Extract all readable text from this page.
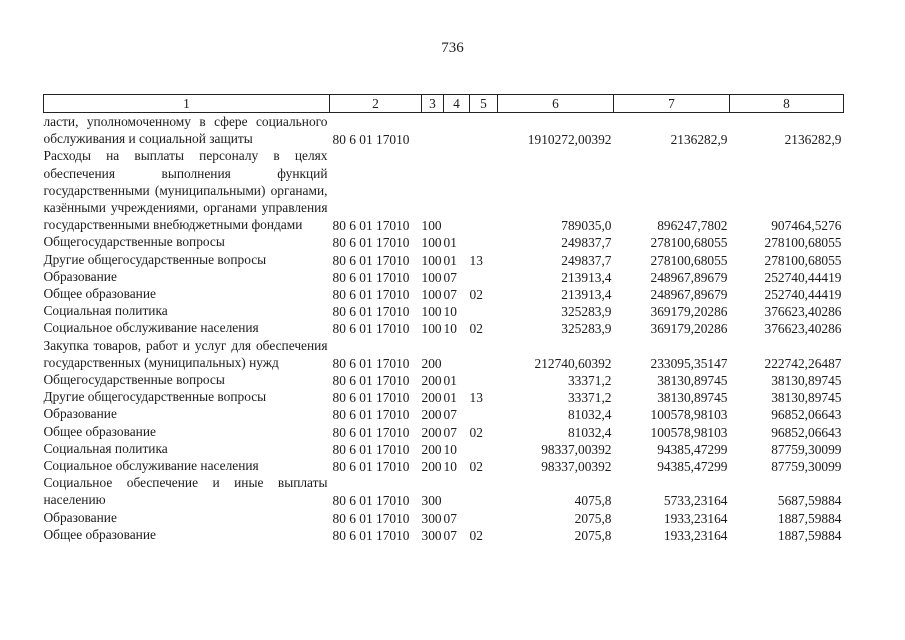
736
1	2	3	4	5	6	7	8
ласти, уполномоченному в сфере социального обслуживания и социальной защиты	80 6 01 17010				1910272,00392	2136282,9	2136282,9
Расходы на выплаты персоналу в целях обеспечения выполнения функций государственными (муниципальными) органами, казёнными учреждениями, органами управления государственными внебюджетными фондами	80 6 01 17010	100			789035,0	896247,7802	907464,5276
Общегосударственные вопросы	80 6 01 17010	100	01		249837,7	278100,68055	278100,68055
Другие общегосударственные вопросы	80 6 01 17010	100	01	13	249837,7	278100,68055	278100,68055
Образование	80 6 01 17010	100	07		213913,4	248967,89679	252740,44419
Общее образование	80 6 01 17010	100	07	02	213913,4	248967,89679	252740,44419
Социальная политика	80 6 01 17010	100	10		325283,9	369179,20286	376623,40286
Социальное обслуживание населения	80 6 01 17010	100	10	02	325283,9	369179,20286	376623,40286
Закупка товаров, работ и услуг для обеспечения государственных (муниципальных) нужд	80 6 01 17010	200			212740,60392	233095,35147	222742,26487
Общегосударственные вопросы	80 6 01 17010	200	01		33371,2	38130,89745	38130,89745
Другие общегосударственные вопросы	80 6 01 17010	200	01	13	33371,2	38130,89745	38130,89745
Образование	80 6 01 17010	200	07		81032,4	100578,98103	96852,06643
Общее образование	80 6 01 17010	200	07	02	81032,4	100578,98103	96852,06643
Социальная политика	80 6 01 17010	200	10		98337,00392	94385,47299	87759,30099
Социальное обслуживание населения	80 6 01 17010	200	10	02	98337,00392	94385,47299	87759,30099
Социальное обеспечение и иные выплаты населению	80 6 01 17010	300			4075,8	5733,23164	5687,59884
Образование	80 6 01 17010	300	07		2075,8	1933,23164	1887,59884
Общее образование	80 6 01 17010	300	07	02	2075,8	1933,23164	1887,59884
